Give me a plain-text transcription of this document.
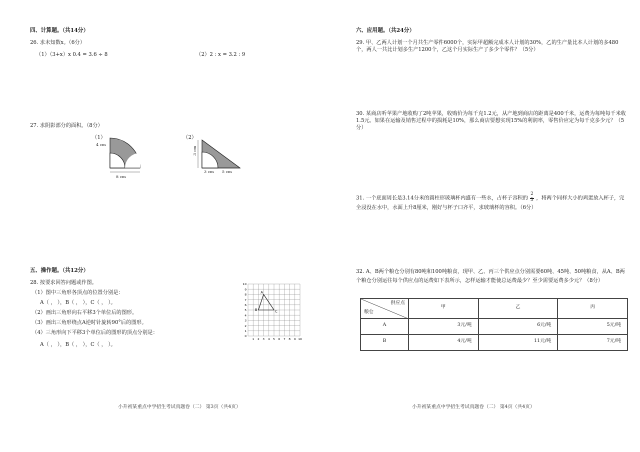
四、计算题。（共14分）
26. 求未知数x。（6分）
（1）（3+x）x 0.4 = 3.6 ÷ 8	（2）2 : x = 3.2 : 9
27. 求阴影部分的面积。（8分）
（1）	（2）
4 cm
8 cm
3 cm
3 cm 5 cm
五、操作题。（共12分）
28. 按要求回答问题或作图。
（1）图中三角形各顶点的位置分别是：
A（ ， ），B（ ， ），C（ ， ）。
（2）画出三角形向右平移3个单位后的图形。
（3）画出三角形绕点A逆时针旋转90°后的图形。
（4）三角形向下平移3个单位后的图形的顶点分别是：
A（ ， ），B（ ， ），C（ ， ）。
10
9
8
7
6
5
4
3
2
1
0
1 2 3 4 5 6 7 8 9 10
A
B	C
小升初某重点中学招生考试真题卷（二） 第3页（共4页）
六、应用题。（共24分）
29. 甲、乙两人计划一个月共生产零件6000个，实际甲超额完成本人计划的30%，乙的生产量比本人计划的多480个，两人一共比计划多生产1200个，乙这个月实际生产了多少个零件？（5分）
30. 某商店听苹果产地收购了2吨苹果，收购价为每千克1.2元，从产地到商店的距离是400千米，运费为每吨每千米收1.5元。如果在运输及销售过程中的损耗是10%，那么商店要想实现15%的利润率，零售价应定为每千克多少元？（5分）
31. 一个底面周长是3.14分米的圆柱形玻璃杯内盛有一些水，占杯子容积的 $\frac{2}{3}$ ，将两个同样大小的鸡蛋放入杯子，完全浸没在水中，水面上升8厘米，刚好与杯子口齐平，求玻璃杯的容积。（6分）
32. A、B两个粮仓分别有80吨和100吨粮食，现甲、乙、丙三个供应点分别需要60吨、45吨、50吨粮食，从A、B两个粮仓分别运往每个供应点的运费如下表所示，怎样运输才能使总运费最少？至少需要运费多少元？（8分）
供应点
粮仓	甲	乙	丙
A	3元/吨	6元/吨	5元/吨
B	4元/吨	11元/吨	7元/吨
小升初某重点中学招生考试真题卷（二） 第4页（共4页）
